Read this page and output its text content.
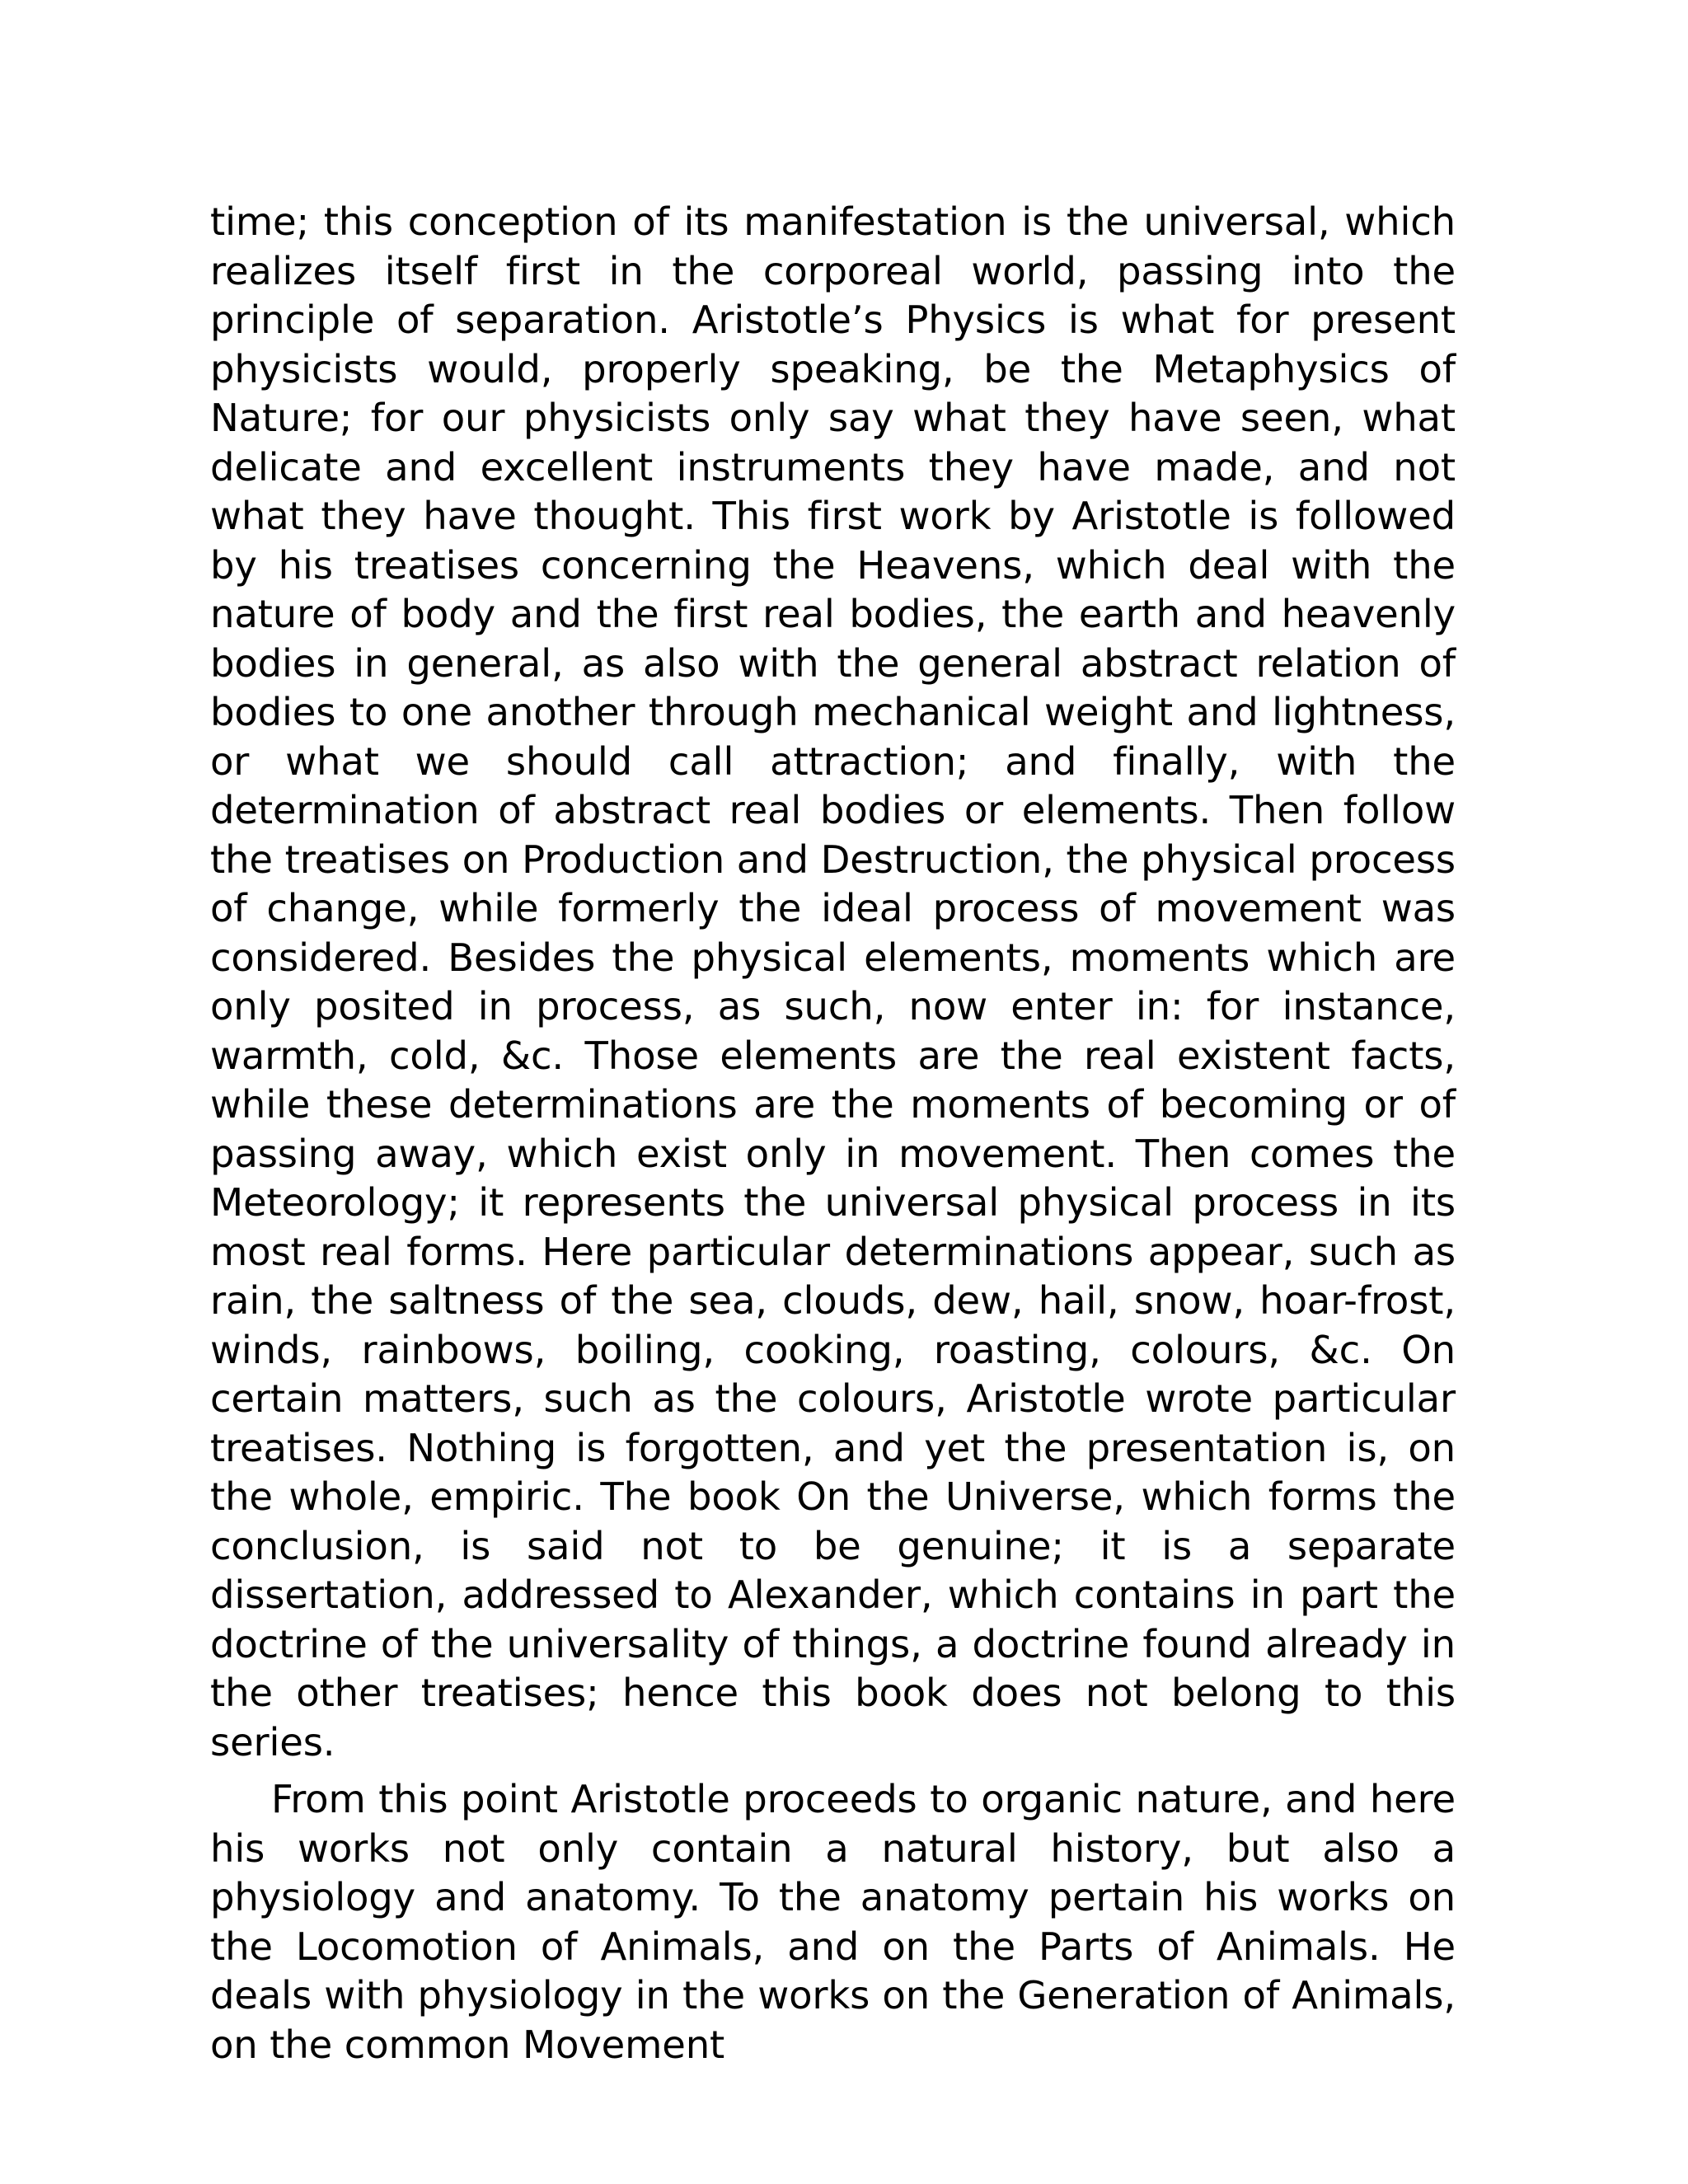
time; this conception of its manifestation is the universal, which realizes itself first in the corporeal world, passing into the principle of separation. Aristotle’s Physics is what for present physicists would, properly speaking, be the Metaphysics of Nature; for our physicists only say what they have seen, what delicate and excellent instruments they have made, and not what they have thought. This first work by Aristotle is followed by his treatises concerning the Heavens, which deal with the nature of body and the first real bodies, the earth and heavenly bodies in general, as also with the general abstract relation of bodies to one another through mechanical weight and lightness, or what we should call attraction; and finally, with the determination of abstract real bodies or elements. Then follow the treatises on Production and Destruction, the physical process of change, while formerly the ideal process of movement was considered. Besides the physical elements, moments which are only posited in process, as such, now enter in: for instance, warmth, cold, &c. Those elements are the real existent facts, while these determinations are the moments of becoming or of passing away, which exist only in movement. Then comes the Meteorology; it represents the universal physical process in its most real forms. Here particular determinations appear, such as rain, the saltness of the sea, clouds, dew, hail, snow, hoar-frost, winds, rainbows, boiling, cooking, roasting, colours, &c. On certain matters, such as the colours, Aristotle wrote particular treatises. Nothing is forgotten, and yet the presentation is, on the whole, empiric. The book On the Universe, which forms the conclusion, is said not to be genuine; it is a separate dissertation, addressed to Alexander, which contains in part the doctrine of the universality of things, a doctrine found already in the other treatises; hence this book does not belong to this series.

From this point Aristotle proceeds to organic nature, and here his works not only contain a natural history, but also a physiology and anatomy. To the anatomy pertain his works on the Locomotion of Animals, and on the Parts of Animals. He deals with physiology in the works on the Generation of Animals, on the common Movement
